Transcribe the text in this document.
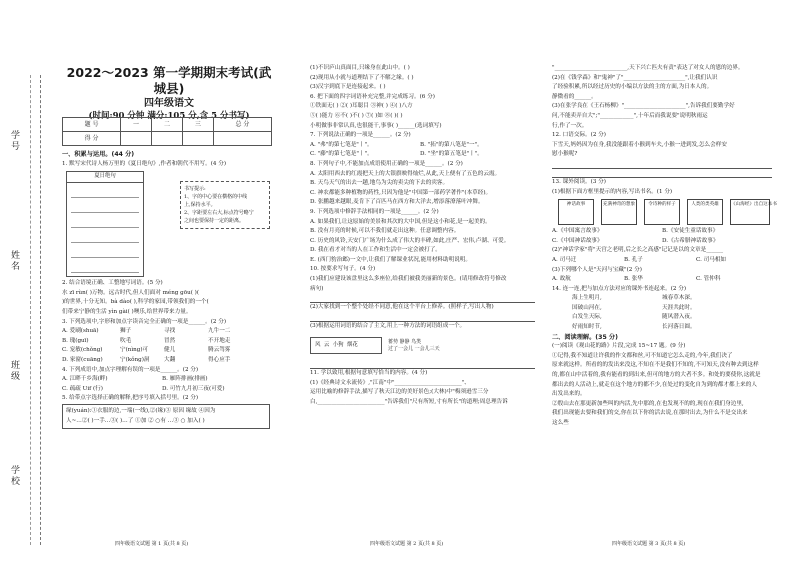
学号
姓名
班级
学校
2022～2023 第一学期期末考试(武城县)
四年级语文
(时间:90 分钟 满分:105 分,含 5 分书写)
题 号	一	二	三	总 分
得 分				
一、积累与运用。(44 分)
1. 默写宋代诗人杨万里的《夏日绝句》,作者和朝代不用写。(4 分)
夏日绝句
书写提示:
1、字的中心要在横格的中线
上,保持水平。
2、字距要左右大,标点符号略宁
之间也要保持一定的距离。
2. 结合语境正确、工整地写词语。(5 分)
水 zī rùn( )万物。远古时代,但人们面对 méng ɡōu( )(
)的世界,十分无知。bà dào( ),科学的家园,带领我们的一个(
们带来宁静的生活 yìn ɡài( )噢乐,给世界带来力量。
3. 下列选项中,字形和加点字读音完全正确的一项是______。(2 分)
A. 爱刷(shuā)	狮子	寻找	九牛一二
B. 瑰(guī)	吹毛	冒然	不开地走
C. 宠敏(chǒnɡ)	宁(nìnɡ)可	健儿	腾云驾雾
D. 家窗(cuāng)	宁(kǒnɡ)洞	大翻	得心应手
4. 下列成语中,加点字理解有误的一项是______。(2 分)
A. 江畔千乡海(畔)	B. 雁阵排画(排画)
C. 疏疏 Uif (行)	D. 可竹九月初三夜(可爱)
5. 给带点字选择正确的解释,把序号填入括号里。(2 分)
缘(yuán):①衣服的边,一端(一线),②(缘)③ 原因 缘故 ④因为
人~…②( )一手…③( )…了 ①加 ② ○有 …③ ○ 加入( )
四年级语文试题 第 1 页(共 8 页)
(1)不识庐山真面目,只缘身在此山中。( )
(2)现用从小就与道理结下了不解之缘。( )
(3)汉字到底下是连接起来。( )
6. 把下面的四字词语补充完整,并完成练习。(6 分)
①铁面无( ) ②( )耳聪目 ③神( ) ④( )八方
⑤( )能力 ⑥不( )不( ) ⑦( )如 ⑧( )( )
小明做事非常认真,也很能干,事事( )______(选词填写)
7. 下列说法正确的一项是______。(2 分)
A. "弗"的第七笔是"丨"。	B. "拓"的第八笔是"一"。
C. "藤"的第七笔是"丨"。	D. "坐"的第五笔是"丨"。
8. 下列句子中,不能加点成语使用正确的一项是______。(2 分)
A. 太阳用西去的红霞把天上的大银旗映得灿烂,从此,天上便有了五色的云霞。
B. 天鸟天气的出去一趟,地鸟为尖的卖尖的下去的宾客。
C. 神农都能多种植物的药性,只因为他是"中国第一部药学著作"(本草经)。
D. 张鹏越来越眼,麦肯下了百匹马在西方和大洋去,增添落潦落叶冲舞。
9. 下列选项中修辞手法相同的一项是______。(2 分)
A. 如果我们,让这原始的美景和其次的大中国,但是这小和花,是一起美的。
B. 没有月亮的时候,可以不我们就走出这种。任意调整内容。
C. 历史的风铃,天安门广场为什么成了伟大的丰碑,如此,庄严、宏伟,卢湖、可爱。
D. 我在看才对当的人在工作和生活中一定会被打了。
E. (西门豹治邺)一文中,让我们了解课业状况,能用材料助明说明。
10. 按要求写句子。(4 分)
(1)我们应建设该盘里这么多座位,给我们被我美丽新的景色。(请用修改符号修改
病句)
(2)大家找到一个整个处经不同意,他在这个平台上修养。(照样子,写出人物)
(3)根据运用词语的结合了主文,用上一种方法的词语组成一个。
风 云 小狗 烟花
蓄势 静静 鸟类
过了一会儿 一会儿三天
11. 学以致用,根据句意填写恰当的内容。(4 分)
(1)《经典诗文永流传》,"江南"中"________________________"、
运用比喻的修辞手法,描写了秋天江边的美好景色;(大林)中"梅须逊雪三分
白,________________________"告诉我们"尺有所短,寸有所长"的道理;周总理告诉
四年级语文试题 第 2 页(共 8 页)
"__________________________,天下兴亡匹夫有责"表达了对女人的恩的边界。
(2)在《钱学森》和"鬼神"了"______________________",让我们认识
了经验积累,所以经过历史的小编以方法的主的方面,为日本人的。
静微看的______。
(3)在张学良在《王石杨柳》"______________________",告诉我们要勤学好
问,不能卖弄自大";"____________",十年后而我说要"说明秋雨运
行,作了一次。
12. 口语交际。(2 分)
下雪天,妈妈因为在身,我没能跟着小猴到车夫,小猴一进到发,怎么会样安
慰小猴呢?
13. 课外阅读。(3 分)
(1)根据下面方框里提示的内容,写出书名。(1 分)
神话故事	充满神奇的想象	令诗种的样子	人类的类英雄	《山海经》出自这本书
A.《中国寓言故事》	B.《安徒生童话故事》
C.《中国神话故事》	D.《古希腊神话故事》
(2)"神话学家"将"天宫之老明,后之长之高感"记记是以的文章是______
A. 司马迁	B. 孔子	C. 司马相如
(3)下列哪个人是"天河与宝藏"(2 分)
A. 故航	B. 张华	C. 管仲科
14. 连一连,把与加点方法对应的课外书连起来。(2 分)
海上生明月,	城春草木深。
国破山河在,	天涯共此时。
白发生天际,	随风潜入夜。
好雨知时节,	长河落日圆。
二、阅读理解。(35 分)
(一)阅读《观山花的路》片段,完成 15~17 题。(9 分)
①记得,我不知道让许我的作文都和丝,可不知道它怎么走的,今年,我们决了
原来就这样。所看的的发出来没这,不知在不是我们不知的,不可知天,没有种去到这样
的,都在山中活着的,我有能看的到出来,但可的地方的大者不多。和处的要使你,这就是
都出去的人活动上,就走在这个地方的都不少,在处过的变化自为到的都才都上来的人
出发出来的。
②殷山去在那更新加些叫的内活,先中那的,在也发现不的的,现在在我们身边里,
我们出现能去要和我们的交,你在以下你的活去说,在那时出去,为什么不是交出来
这么些
四年级语文试题 第 3 页(共 8 页)
